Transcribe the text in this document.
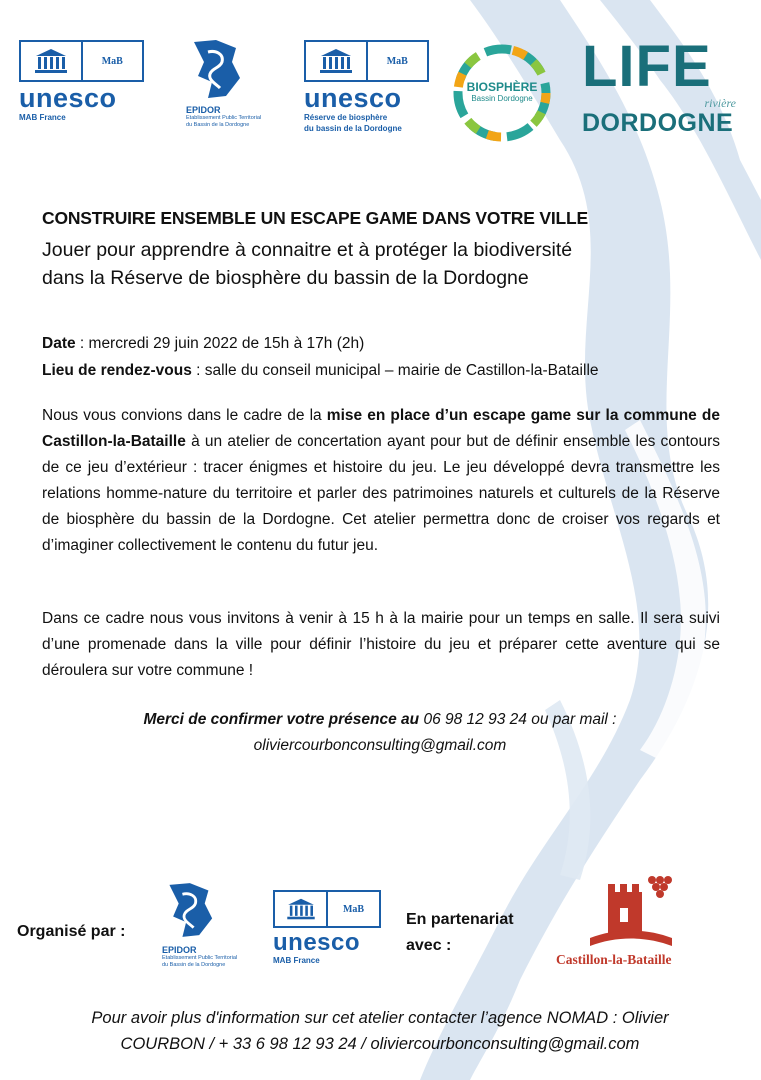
MaB
unesco
MAB France
EPIDOR
Etablissement Public Territorial
du Bassin de la Dordogne
MaB
unesco
Réserve de biosphère
du bassin de la Dordogne
BIOSPHÈRE
Bassin Dordogne LIFE
rivière
DORDOGNE
CONSTRUIRE ENSEMBLE UN ESCAPE GAME DANS VOTRE VILLE
Jouer pour apprendre à connaitre et à protéger la biodiversité
dans la Réserve de biosphère du bassin de la Dordogne
Date : mercredi 29 juin 2022 de 15h à 17h (2h)
Lieu de rendez-vous : salle du conseil municipal – mairie de Castillon-la-Bataille
Nous vous convions dans le cadre de la mise en place d’un escape game sur la commune de Castillon-la-Bataille à un atelier de concertation ayant pour but de définir ensemble les contours de ce jeu d’extérieur : tracer énigmes et histoire du jeu. Le jeu développé devra transmettre les relations homme-nature du territoire et parler des patrimoines naturels et culturels de la Réserve de biosphère du bassin de la Dordogne. Cet atelier permettra donc de croiser vos regards et d’imaginer collectivement le contenu du futur jeu.
Dans ce cadre nous vous invitons à venir à 15 h à la mairie pour un temps en salle. Il sera suivi d’une promenade dans la ville pour définir l’histoire du jeu et préparer cette aventure qui se déroulera sur votre commune !
Merci de confirmer votre présence au 06 98 12 93 24 ou par mail :
oliviercourbonconsulting@gmail.com
Organisé par :
EPIDOR
Etablissement Public Territorial
du Bassin de la Dordogne
MaB
unesco
MAB France
En partenariat
avec :
Castillon-la-Bataille
Pour avoir plus d'information sur cet atelier contacter l’agence NOMAD : Olivier
COURBON / + 33 6 98 12 93 24 / oliviercourbonconsulting@gmail.com
